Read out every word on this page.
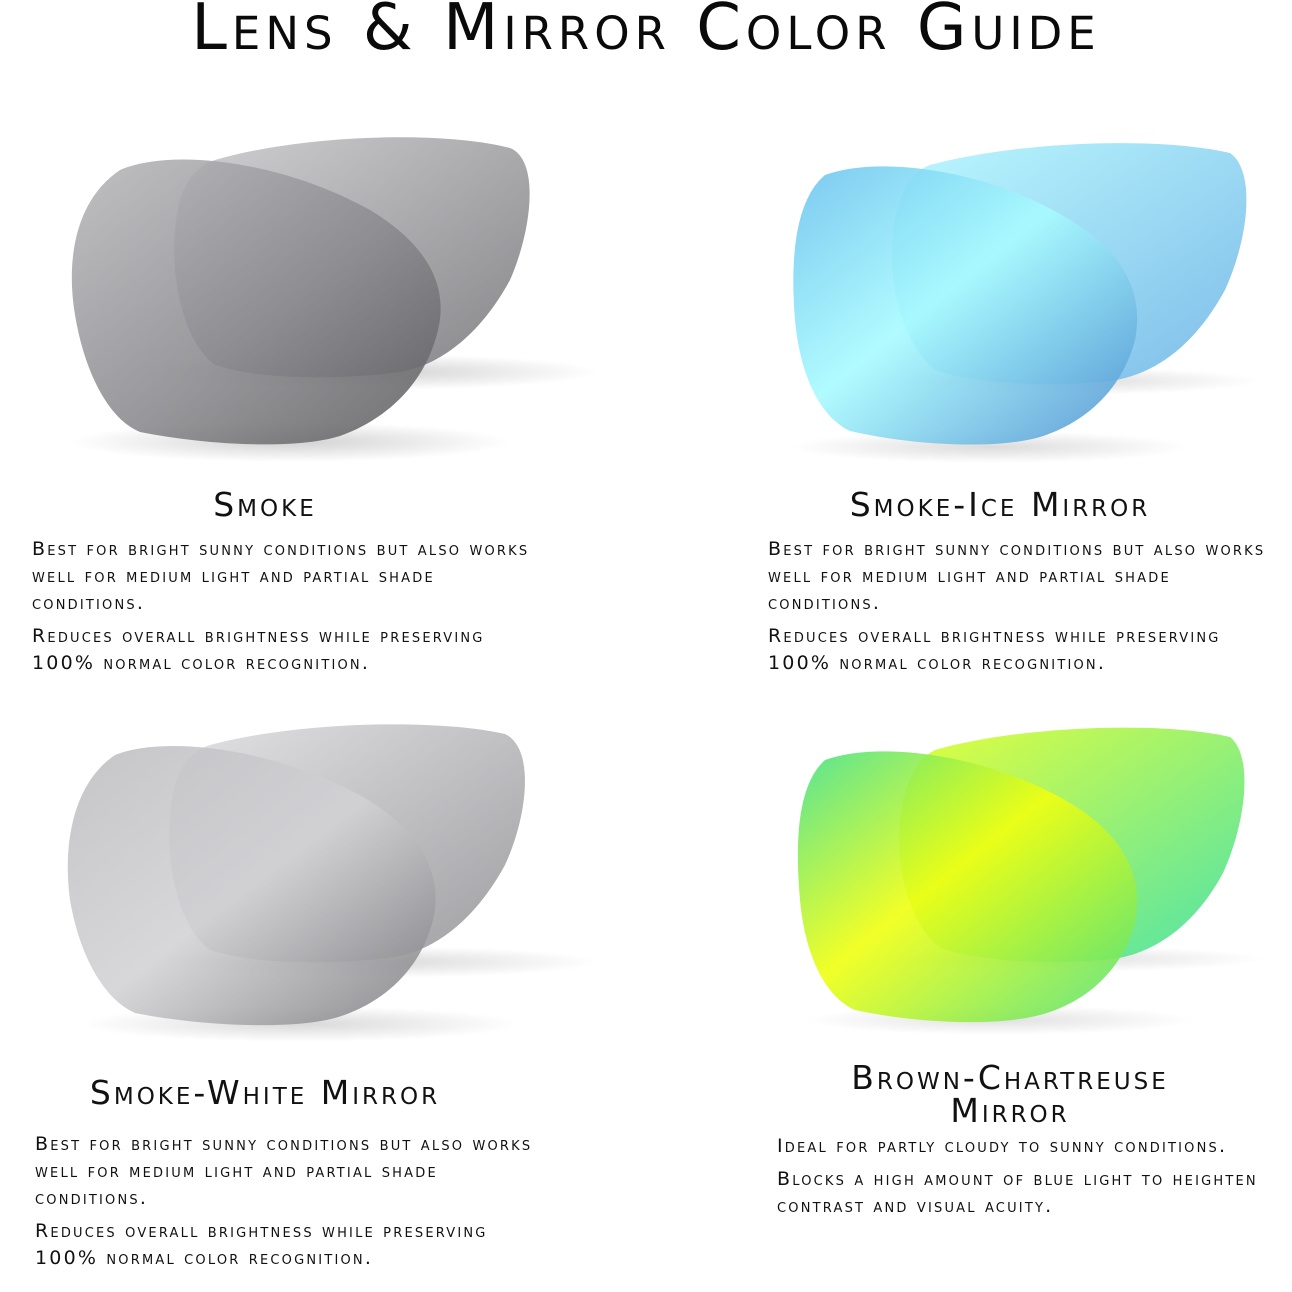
Lens & Mirror Color Guide
Smoke

Best for bright sunny conditions but also works well for medium light and partial shade conditions.

Reduces overall brightness while preserving 100% normal color recognition.

Smoke-Ice Mirror

Best for bright sunny conditions but also works well for medium light and partial shade conditions.

Reduces overall brightness while preserving 100% normal color recognition.

Smoke-White Mirror

Best for bright sunny conditions but also works well for medium light and partial shade conditions.

Reduces overall brightness while preserving 100% normal color recognition.

Brown-Chartreuse Mirror

Ideal for partly cloudy to sunny conditions.

Blocks a high amount of blue light to heighten contrast and visual acuity.
